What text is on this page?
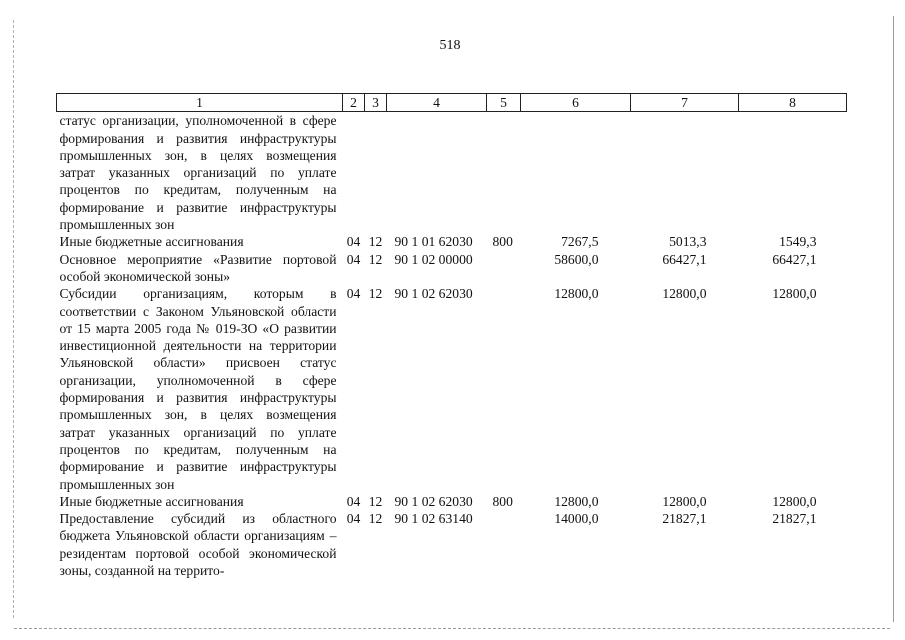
518
1	2	3	4	5	6	7	8
статус организации, уполномоченной в сфере формирования и развития инфраструктуры промышленных зон, в целях возмещения затрат указанных организаций по уплате процентов по кредитам, полученным на формирование и развитие инфраструктуры промышленных зон							
Иные бюджетные ассигнования	04	12	90 1 01 62030	800	7267,5	5013,3	1549,3
Основное мероприятие «Развитие портовой особой экономической зоны»	04	12	90 1 02 00000		58600,0	66427,1	66427,1
Субсидии организациям, которым в соответствии с Законом Ульяновской области от 15 марта 2005 года № 019-ЗО «О развитии инвестиционной деятельности на территории Ульяновской области» присвоен статус организации, уполномоченной в сфере формирования и развития инфраструктуры промышленных зон, в целях возмещения затрат указанных организаций по уплате процентов по кредитам, полученным на формирование и развитие инфраструктуры промышленных зон	04	12	90 1 02 62030		12800,0	12800,0	12800,0
Иные бюджетные ассигнования	04	12	90 1 02 62030	800	12800,0	12800,0	12800,0
Предоставление субсидий из областного бюджета Ульяновской области организациям – резидентам портовой особой экономической зоны, созданной на террито-	04	12	90 1 02 63140		14000,0	21827,1	21827,1
